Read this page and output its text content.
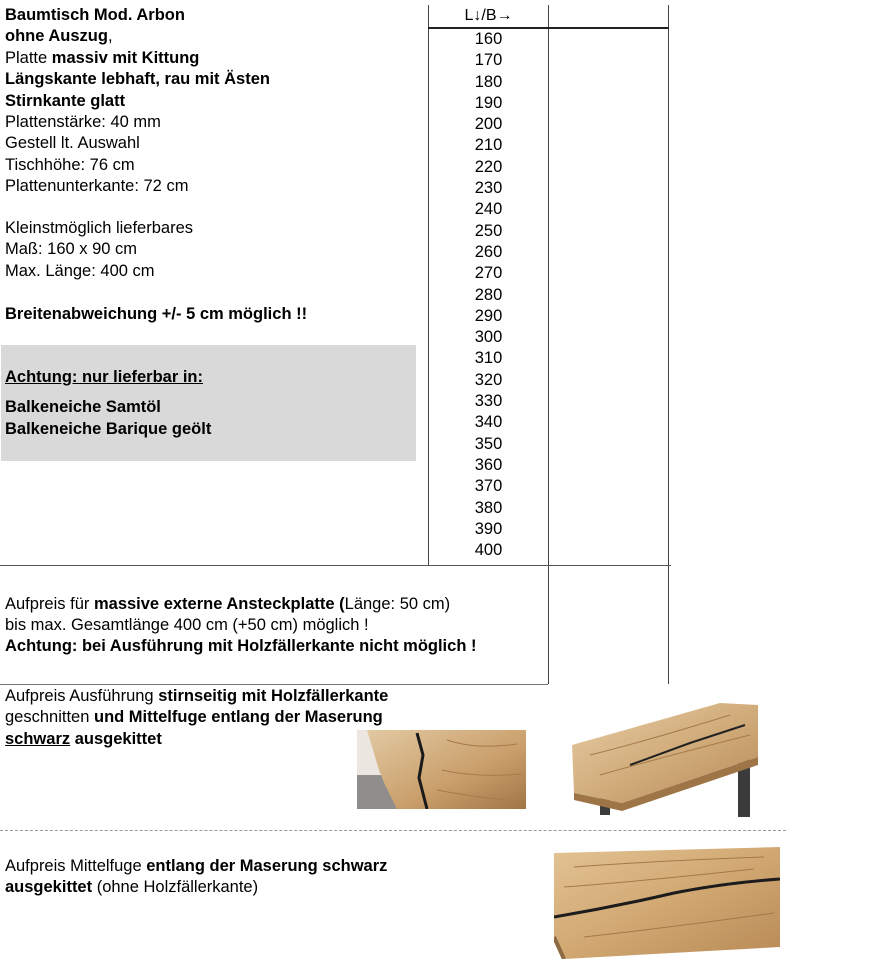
Baumtisch Mod. Arbon
ohne Auszug,
Platte massiv mit Kittung
Längskante lebhaft, rau mit Ästen
Stirnkante glatt
Plattenstärke: 40 mm
Gestell lt. Auswahl
Tischhöhe: 76 cm
Plattenunterkante: 72 cm
Kleinstmöglich lieferbares
Maß: 160 x 90 cm
Max. Länge: 400 cm
Breitenabweichung +/- 5 cm möglich !!
Achtung: nur lieferbar in:
Balkeneiche Samtöl
Balkeneiche Barique geölt
L↓/B→
160
170
180
190
200
210
220
230
240
250
260
270
280
290
300
310
320
330
340
350
360
370
380
390
400
Aufpreis für massive externe Ansteckplatte (Länge: 50 cm)
bis max. Gesamtlänge 400 cm (+50 cm) möglich !
Achtung: bei Ausführung mit Holzfällerkante nicht möglich !
Aufpreis Ausführung stirnseitig mit Holzfällerkante
geschnitten und Mittelfuge entlang der Maserung
schwarz ausgekittet
Aufpreis Mittelfuge entlang der Maserung schwarz
ausgekittet (ohne Holzfällerkante)
